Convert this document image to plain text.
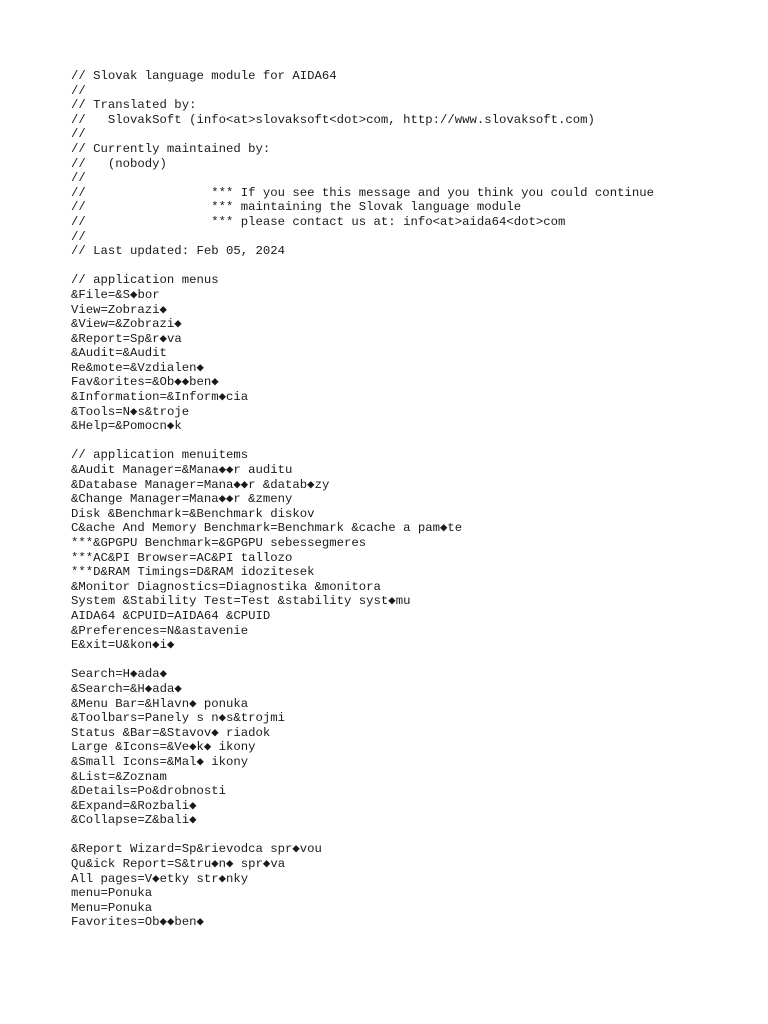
// Slovak language module for AIDA64
//
// Translated by:
//   SlovakSoft (info<at>slovaksoft<dot>com, http://www.slovaksoft.com)
//
// Currently maintained by:
//   (nobody)
//
//                 *** If you see this message and you think you could continue
//                 *** maintaining the Slovak language module
//                 *** please contact us at: info<at>aida64<dot>com
//
// Last updated: Feb 05, 2024
// application menus
&File=&S◆bor
View=Zobrazi◆
&View=&Zobrazi◆
&Report=Sp&r◆va
&Audit=&Audit
Re&mote=&Vzdialen◆
Fav&orites=&Ob◆◆ben◆
&Information=&Inform◆cia
&Tools=N◆s&troje
&Help=&Pomocn◆k
// application menuitems
&Audit Manager=&Mana◆◆r auditu
&Database Manager=Mana◆◆r &datab◆zy
&Change Manager=Mana◆◆r &zmeny
Disk &Benchmark=&Benchmark diskov
C&ache And Memory Benchmark=Benchmark &cache a pam◆te
***&GPGPU Benchmark=&GPGPU sebessegmeres
***AC&PI Browser=AC&PI tallozo
***D&RAM Timings=D&RAM idozitesek
&Monitor Diagnostics=Diagnostika &monitora
System &Stability Test=Test &stability syst◆mu
AIDA64 &CPUID=AIDA64 &CPUID
&Preferences=N&astavenie
E&xit=U&kon◆i◆
Search=H◆ada◆
&Search=&H◆ada◆
&Menu Bar=&Hlavn◆ ponuka
&Toolbars=Panely s n◆s&trojmi
Status &Bar=&Stavov◆ riadok
Large &Icons=&Ve◆k◆ ikony
&Small Icons=&Mal◆ ikony
&List=&Zoznam
&Details=Po&drobnosti
&Expand=&Rozbali◆
&Collapse=Z&bali◆
&Report Wizard=Sp&rievodca spr◆vou
Qu&ick Report=S&tru◆n◆ spr◆va
All pages=V◆etky str◆nky
menu=Ponuka
Menu=Ponuka
Favorites=Ob◆◆ben◆
